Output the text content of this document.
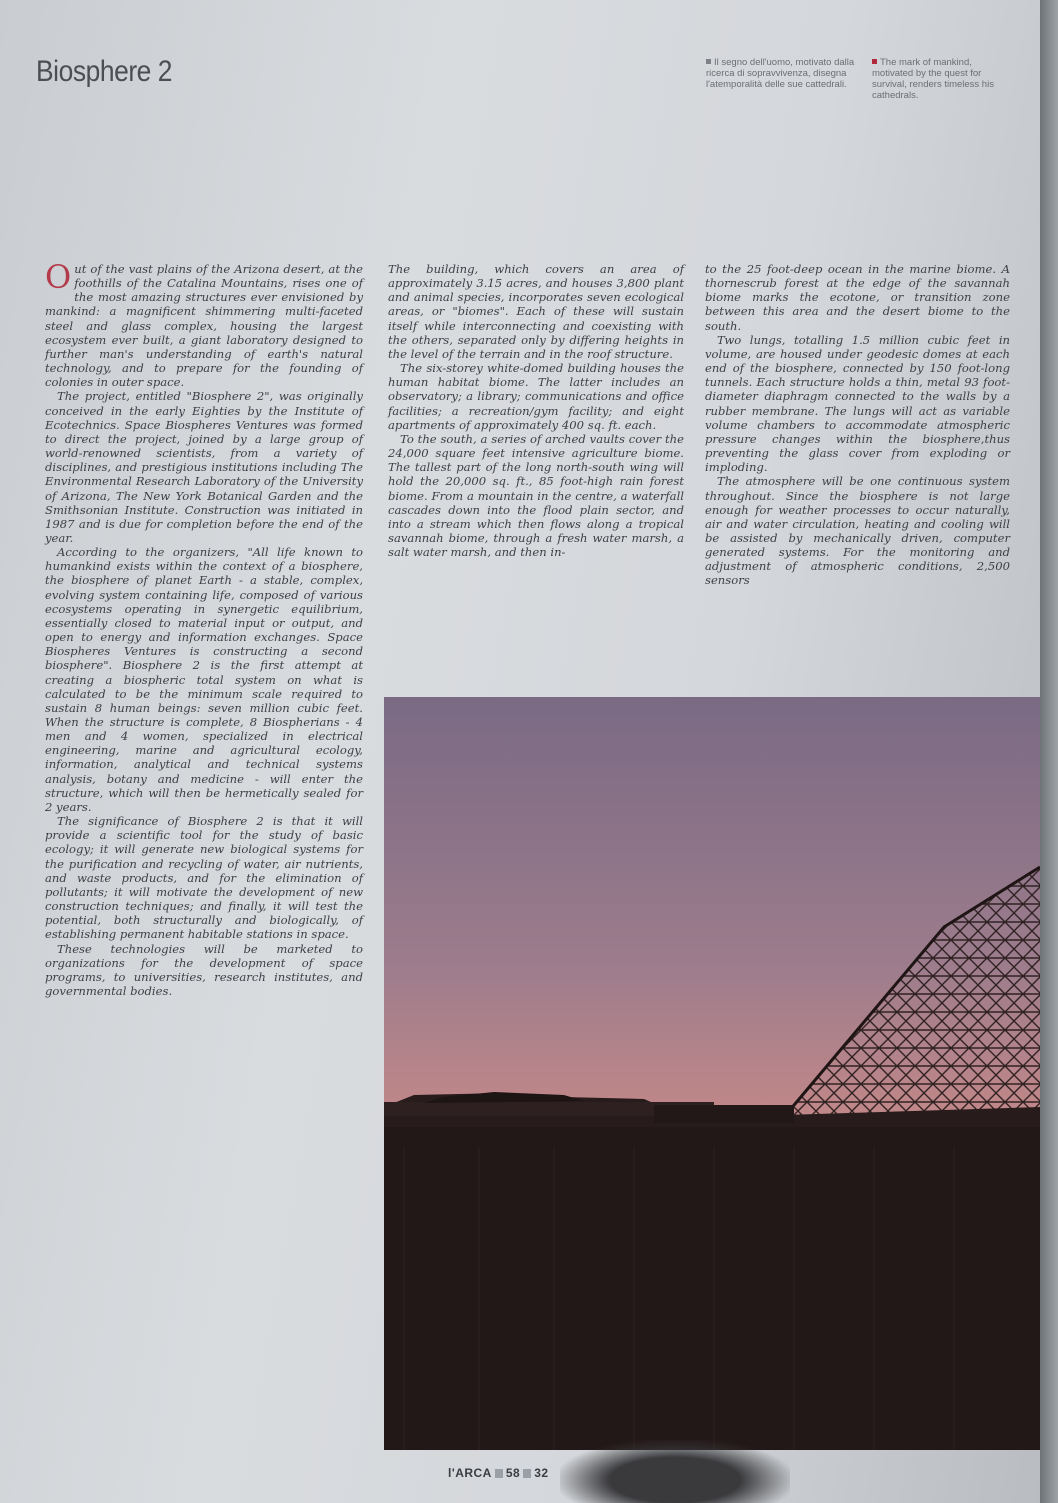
Biosphere 2	Il segno dell'uomo, motivato dalla ricerca di sopravvivenza, disegna l'atemporalità delle sue cattedrali.
The mark of mankind, motivated by the quest for survival, renders timeless his cathedrals.

Out of the vast plains of the Arizona desert, at the foothills of the Catalina Mountains, rises one of the most amazing structures ever envisioned by mankind: a magnificent shimmering multi-faceted steel and glass complex, housing the largest ecosystem ever built, a giant laboratory designed to further man's understanding of earth's natural technology, and to prepare for the founding of colonies in outer space.

The project, entitled "Biosphere 2", was originally conceived in the early Eighties by the Institute of Ecotechnics. Space Biospheres Ventures was formed to direct the project, joined by a large group of world-renowned scientists, from a variety of disciplines, and prestigious institutions including The Environmental Research Laboratory of the University of Arizona, The New York Botanical Garden and the Smithsonian Institute. Construction was initiated in 1987 and is due for completion before the end of the year.

According to the organizers, "All life known to humankind exists within the context of a biosphere, the biosphere of planet Earth - a stable, complex, evolving system containing life, composed of various ecosystems operating in synergetic equilibrium, essentially closed to material input or output, and open to energy and information exchanges. Space Biospheres Ventures is constructing a second biosphere". Biosphere 2 is the first attempt at creating a biospheric total system on what is calculated to be the minimum scale required to sustain 8 human beings: seven million cubic feet. When the structure is complete, 8 Biospherians - 4 men and 4 women, specialized in electrical engineering, marine and agricultural ecology, information, analytical and technical systems analysis, botany and medicine - will enter the structure, which will then be hermetically sealed for 2 years.

The significance of Biosphere 2 is that it will provide a scientific tool for the study of basic ecology; it will generate new biological systems for the purification and recycling of water, air nutrients, and waste products, and for the elimination of pollutants; it will motivate the development of new construction techniques; and finally, it will test the potential, both structurally and biologically, of establishing permanent habitable stations in space.

These technologies will be marketed to organizations for the development of space programs, to universities, research institutes, and governmental bodies.

The building, which covers an area of approximately 3.15 acres, and houses 3,800 plant and animal species, incorporates seven ecological areas, or "biomes". Each of these will sustain itself while interconnecting and coexisting with the others, separated only by differing heights in the level of the terrain and in the roof structure.

The six-storey white-domed building houses the human habitat biome. The latter includes an observatory; a library; communications and office facilities; a recreation/gym facility; and eight apartments of approximately 400 sq. ft. each.

To the south, a series of arched vaults cover the 24,000 square feet intensive agriculture biome. The tallest part of the long north-south wing will hold the 20,000 sq. ft., 85 foot-high rain forest biome. From a mountain in the centre, a waterfall cascades down into the flood plain sector, and into a stream which then flows along a tropical savannah biome, through a fresh water marsh, a salt water marsh, and then in-

to the 25 foot-deep ocean in the marine biome. A thornescrub forest at the edge of the savannah biome marks the ecotone, or transition zone between this area and the desert biome to the south.

Two lungs, totalling 1.5 million cubic feet in volume, are housed under geodesic domes at each end of the biosphere, connected by 150 foot-long tunnels. Each structure holds a thin, metal 93 foot-diameter diaphragm connected to the walls by a rubber membrane. The lungs will act as variable volume chambers to accommodate atmospheric pressure changes within the biosphere,thus preventing the glass cover from exploding or imploding.

The atmosphere will be one continuous system throughout. Since the biosphere is not large enough for weather processes to occur naturally, air and water circulation, heating and cooling will be assisted by mechanically driven, computer generated systems. For the monitoring and adjustment of atmospheric conditions, 2,500 sensors

l'ARCA 58 32
